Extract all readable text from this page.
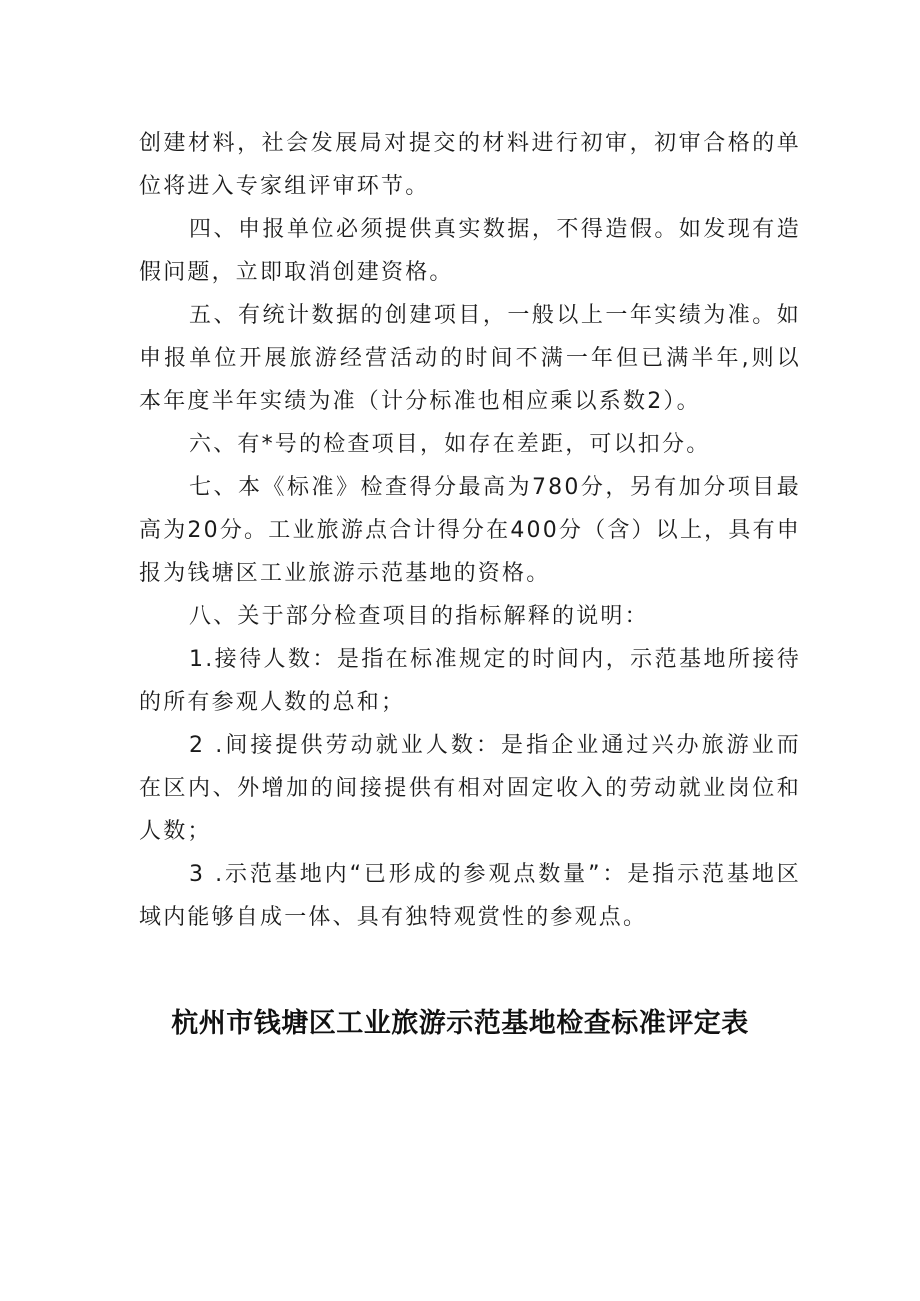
创建材料，社会发展局对提交的材料进行初审，初审合格的单位将进入专家组评审环节。

四、申报单位必须提供真实数据，不得造假。如发现有造假问题，立即取消创建资格。

五、有统计数据的创建项目，一般以上一年实绩为准。如申报单位开展旅游经营活动的时间不满一年但已满半年,则以本年度半年实绩为准（计分标准也相应乘以系数2）。

六、有*号的检查项目，如存在差距，可以扣分。

七、本《标准》检查得分最高为780分，另有加分项目最高为20分。工业旅游点合计得分在400分（含）以上，具有申报为钱塘区工业旅游示范基地的资格。

八、关于部分检查项目的指标解释的说明：

1.接待人数：是指在标准规定的时间内，示范基地所接待的所有参观人数的总和；

2 .间接提供劳动就业人数：是指企业通过兴办旅游业而在区内、外增加的间接提供有相对固定收入的劳动就业岗位和人数；

3 .示范基地内“已形成的参观点数量”：是指示范基地区域内能够自成一体、具有独特观赏性的参观点。

杭州市钱塘区工业旅游示范基地检查标准评定表
